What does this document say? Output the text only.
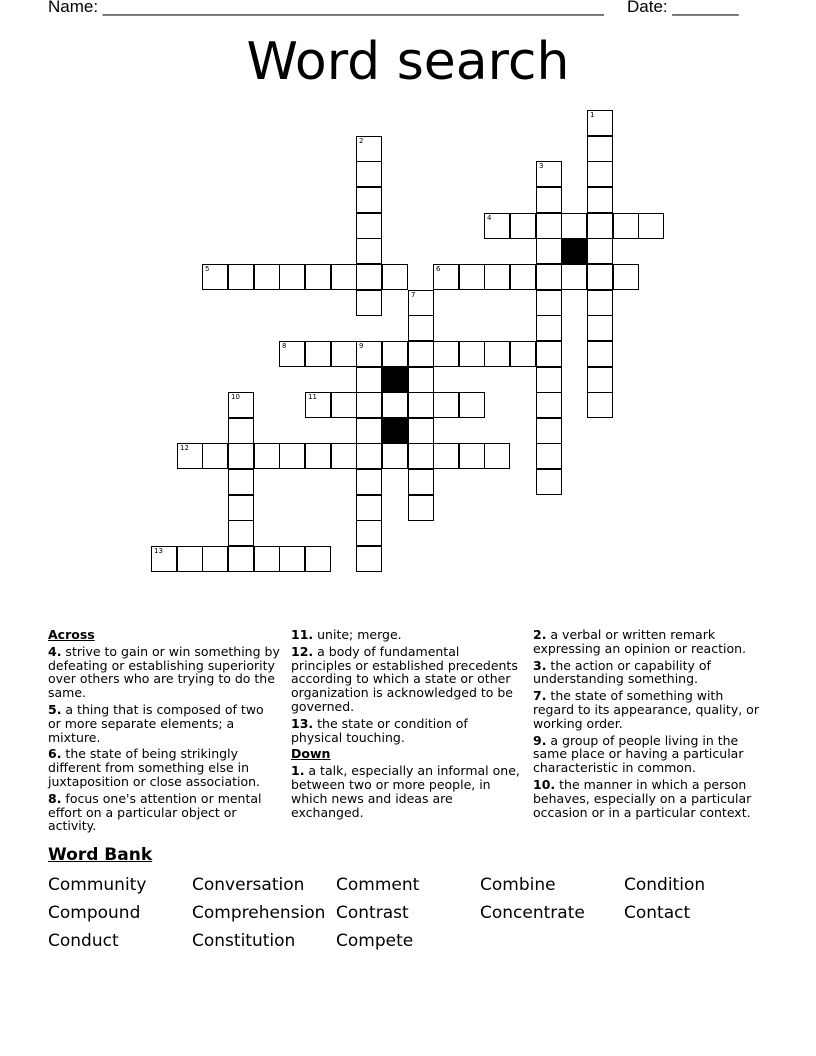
Name: _____________________________________________________ Date: _______
Word search
1
2
3
4
5	6
7
8	9
10	11
12
13
Across
4. strive to gain or win something by defeating or establishing superiority over others who are trying to do the same.
5. a thing that is composed of two or more separate elements; a mixture.
6. the state of being strikingly different from something else in juxtaposition or close association.
8. focus one's attention or mental effort on a particular object or activity.
11. unite; merge.
12. a body of fundamental principles or established precedents according to which a state or other organization is acknowledged to be governed.
13. the state or condition of physical touching.
Down
1. a talk, especially an informal one, between two or more people, in which news and ideas are exchanged.
2. a verbal or written remark expressing an opinion or reaction.
3. the action or capability of understanding something.
7. the state of something with regard to its appearance, quality, or working order.
9. a group of people living in the same place or having a particular characteristic in common.
10. the manner in which a person behaves, especially on a particular occasion or in a particular context.
Word Bank
Community	Conversation Comment	Combine	Condition
Compound	Comprehension Contrast	Concentrate Contact
Conduct	Constitution Compete
